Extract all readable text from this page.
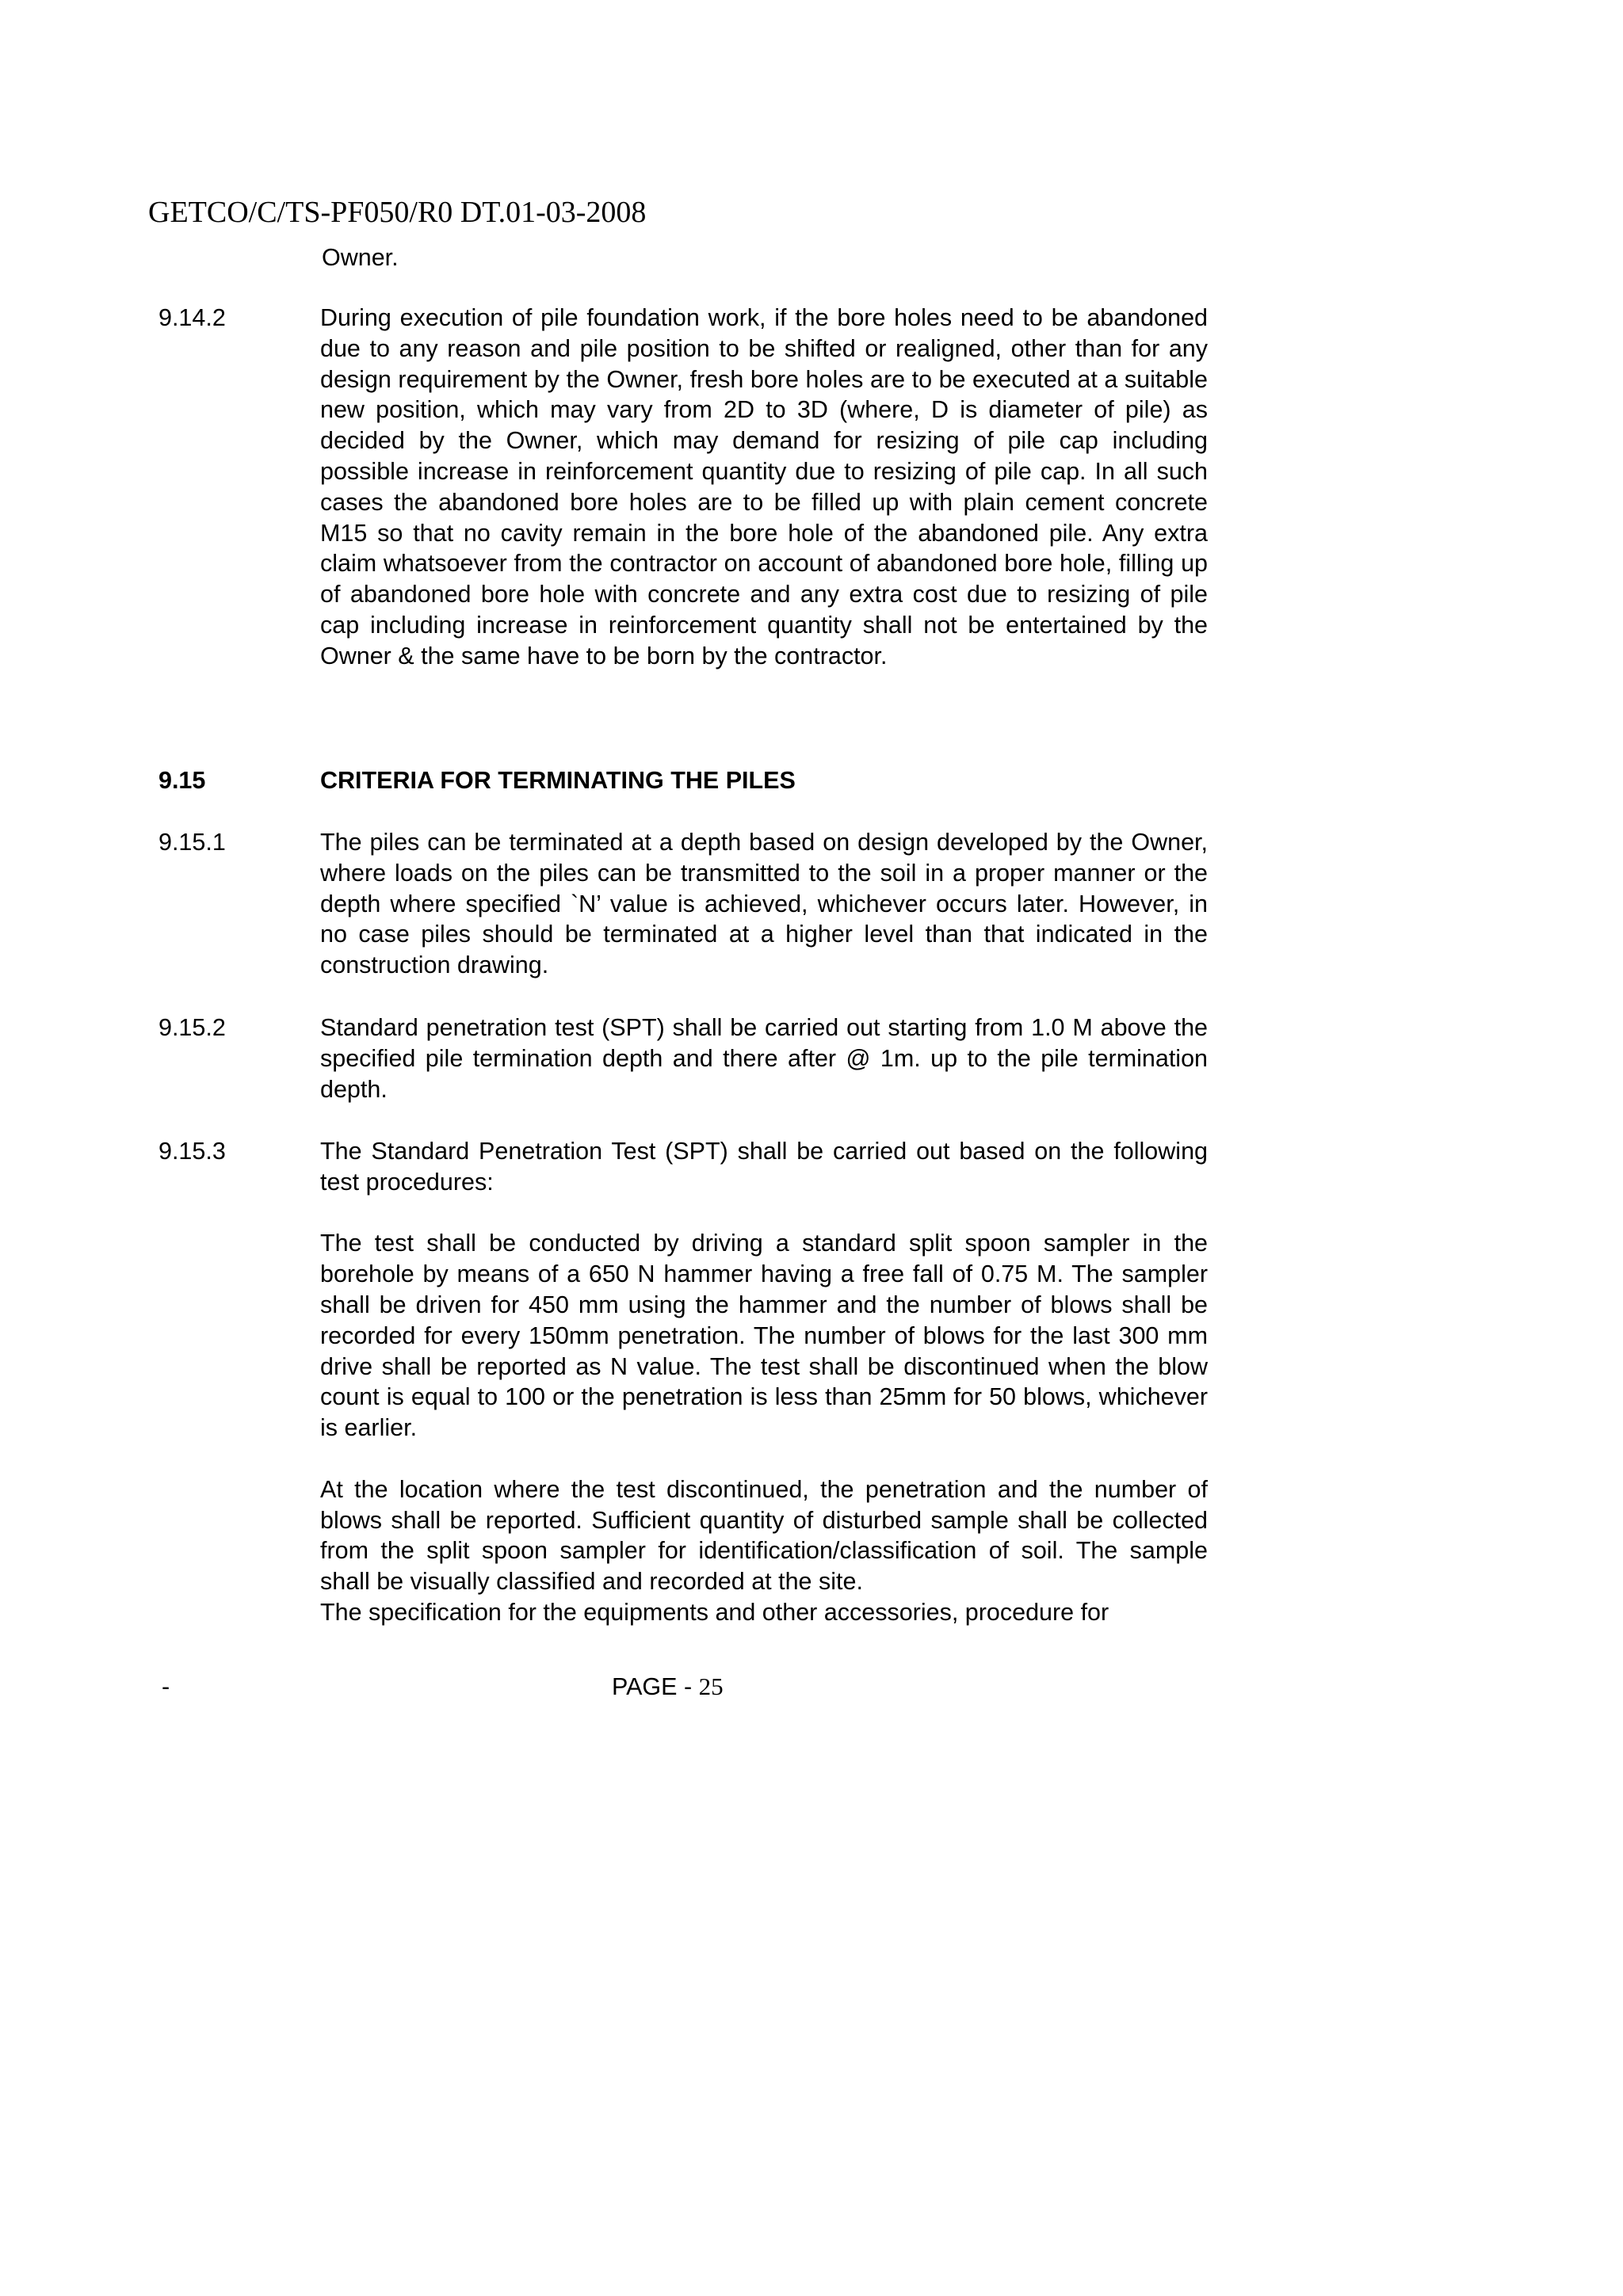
GETCO/C/TS-PF050/R0 DT.01-03-2008
Owner.
9.14.2	During execution of pile foundation work, if the bore holes need to be abandoned due to any reason and pile position to be shifted or realigned, other than for any design requirement by the Owner, fresh bore holes are to be executed at a suitable new position, which may vary from 2D to 3D (where, D is diameter of pile) as decided by the Owner, which may demand for resizing of pile cap including possible increase in reinforcement quantity due to resizing of pile cap. In all such cases the abandoned bore holes are to be filled up with plain cement concrete M15 so that no cavity remain in the bore hole of the abandoned pile. Any extra claim whatsoever from the contractor on account of abandoned bore hole, filling up of abandoned bore hole with concrete and any extra cost due to resizing of pile cap including increase in reinforcement quantity shall not be entertained by the Owner & the same have to be born by the contractor.

9.15	CRITERIA FOR TERMINATING THE PILES
9.15.1	The piles can be terminated at a depth based on design developed by the Owner, where loads on the piles can be transmitted to the soil in a proper manner or the depth where specified `N’ value is achieved, whichever occurs later. However, in no case piles should be terminated at a higher level than that indicated in the construction drawing.

9.15.2	Standard penetration test (SPT) shall be carried out starting from 1.0 M above the specified pile termination depth and there after @ 1m. up to the pile termination depth.

9.15.3	The Standard Penetration Test (SPT) shall be carried out based on the following test procedures:

The test shall be conducted by driving a standard split spoon sampler in the borehole by means of a 650 N hammer having a free fall of 0.75 M. The sampler shall be driven for 450 mm using the hammer and the number of blows shall be recorded for every 150mm penetration. The number of blows for the last 300 mm drive shall be reported as N value. The test shall be discontinued when the blow count is equal to 100 or the penetration is less than 25mm for 50 blows, whichever is earlier.

At the location where the test discontinued, the penetration and the number of blows shall be reported. Sufficient quantity of disturbed sample shall be collected from the split spoon sampler for identification/classification of soil. The sample shall be visually classified and recorded at the site.

The specification for the equipments and other accessories, procedure for

-	PAGE - 25
